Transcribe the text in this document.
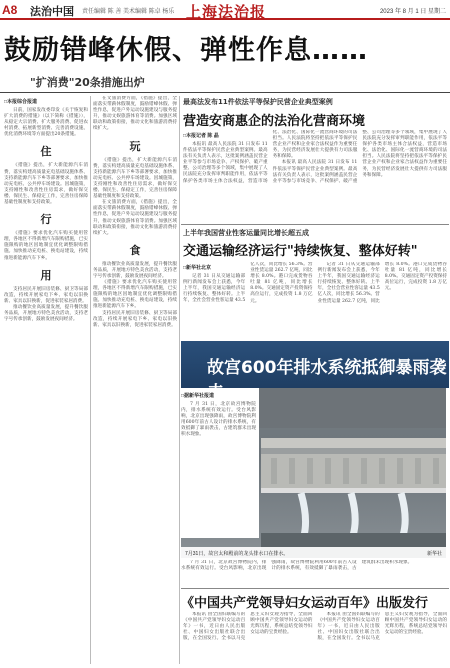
A8 法治中国 责任编辑 陈 善 美术编辑 陈卓 杨乐 上海法治报	2023 年 8 月 1 日 星期二
鼓励错峰休假、弹性作息……
"扩消费"20条措施出炉
□本报综合报道

日前，国家发改委印发《关于恢复和扩大消费的措施》（以下简称《措施》），从稳定大宗消费、扩大服务消费、促进农村消费、拓展新型消费、完善消费设施、优化消费环境等方面提出20条措施。

住

《措施》提出，扩大新能源汽车消费，落实构建高质量充电基础设施体系、支持新能源汽车下乡等部署要求，加快推动充电桩、公共停车场建设。因城施策，支持刚性和改善性住房需求，做好保交楼、保民生、保稳定工作，完善住房保障基础性制度和支持政策。

行

《措施》要求优化汽车购买使用管理，各地区不得新增汽车限购措施，已实施限购的地区因地制宜优化调整限购措施。加快推动充电桩、换电站建设，持续推进新能源汽车下乡。

用

支持居民开展旧房装修、厨卫等局部改造，持续开展家电下乡、家电以旧换新、家具以旧换新，促进家装家居消费。

推动餐饮业高质量发展，提升餐饮服务品质，开展地方特色美食活动，支持老字号传承创新，鼓励发展夜间经济。

在文旅消费方面，《措施》提出，全面落实带薪休假制度，鼓励错峰休假、弹性作息，促进户外运动设施建设与服务提升，推动文娱旅游体育等消费。加强区域联动和政策衔接，推动文化和旅游消费持续扩大。

玩

《措施》提出，扩大新能源汽车消费，落实构建高质量充电基础设施体系、支持新能源汽车下乡等部署要求，加快推动充电桩、公共停车场建设。因城施策，支持刚性和改善性住房需求，做好保交楼、保民生、保稳定工作，完善住房保障基础性制度和支持政策。

在文旅消费方面，《措施》提出，全面落实带薪休假制度，鼓励错峰休假、弹性作息，促进户外运动设施建设与服务提升，推动文娱旅游体育等消费。加强区域联动和政策衔接，推动文化和旅游消费持续扩大。

食

推动餐饮业高质量发展，提升餐饮服务品质，开展地方特色美食活动，支持老字号传承创新，鼓励发展夜间经济。

《措施》要求优化汽车购买使用管理，各地区不得新增汽车限购措施，已实施限购的地区因地制宜优化调整限购措施。加快推动充电桩、换电站建设，持续推进新能源汽车下乡。

支持居民开展旧房装修、厨卫等局部改造，持续开展家电下乡、家电以旧换新、家具以旧换新，促进家装家居消费。

最高法发布11件依法平等保护民营企业典型案例
营造安商惠企的法治化营商环境
□本报记者 陈 晶

本报讯 最高人民法院 31 日发布 11 件依法平等保护民营企业典型案例。最高法有关负责人表示，这批案例涵盖民营企业平等参与市场竞争、产权保护、破产重整、公司治理等多个领域，集中展现了人民法院充分发挥审判职能作用，依法平等保护各类市场主体合法权益，营造市场化、法治化、国际化一流营商环境的司法担当。人民法院将坚持把依法平等保护民营企业产权和企业家合法权益作为重要任务，为民营经济发展壮大提供有力司法服务和保障。

本报讯 最高人民法院 31 日发布 11 件依法平等保护民营企业典型案例。最高法有关负责人表示，这批案例涵盖民营企业平等参与市场竞争、产权保护、破产重整、公司治理等多个领域，集中展现了人民法院充分发挥审判职能作用，依法平等保护各类市场主体合法权益，营造市场化、法治化、国际化一流营商环境的司法担当。人民法院将坚持把依法平等保护民营企业产权和企业家合法权益作为重要任务，为民营经济发展壮大提供有力司法服务和保障。

上半年我国营业性客运量同比增长超五成
交通运输经济运行"持续恢复、整体好转"
□新华社北京

记者 31 日从交通运输部例行新闻发布会上获悉，今年上半年，我国交通运输经济运行持续恢复、整体好转。上半年，全社会营业性客运量 43.5 亿人次，同比增长 56.3%。营业性货运量 262.7 亿吨，同比增长 8.0%。港口完成货物吞吐量 81 亿吨，同比增长 8.0%。交通固定资产投资保持高位运行，完成投资 1.8 万亿元。

记者 31 日从交通运输部例行新闻发布会上获悉，今年上半年，我国交通运输经济运行持续恢复、整体好转。上半年，全社会营业性客运量 43.5 亿人次，同比增长 56.3%。营业性货运量 262.7 亿吨，同比增长 8.0%。港口完成货物吞吐量 81 亿吨，同比增长 8.0%。交通固定资产投资保持高位运行，完成投资 1.8 万亿元。

故宫600年排水系统抵御暴雨袭
7月31日，故宫太和殿前的龙头排水口在排水。	新华社
□据新华社报道

7 月 31 日，北京故宫博物院内，排水系统有效运行。受台风影响，北京出现强降雨，故宫博物院利用600年前古人设计的排水系统，有效抵御了暴雨袭击，古建筑群未出现积水现象。

7 月 31 日，北京故宫博物院内，排水系统有效运行。受台风影响，北京出现强降雨，故宫博物院利用600年前古人设计的排水系统，有效抵御了暴雨袭击，古建筑群未出现积水现象。

《中国共产党领导妇女运动百年》出版发行

本报讯 由全国妇联编写的《中国共产党领导妇女运动百年》一书，近日由人民出版社、中国妇女出版社联合出版，在全国发行。全书以马克思主义妇女观为指导，全面回顾中国共产党领导妇女运动的光辉历程，系统总结党领导妇女运动的宝贵经验。

本报讯 由全国妇联编写的《中国共产党领导妇女运动百年》一书，近日由人民出版社、中国妇女出版社联合出版，在全国发行。全书以马克思主义妇女观为指导，全面回顾中国共产党领导妇女运动的光辉历程，系统总结党领导妇女运动的宝贵经验。
